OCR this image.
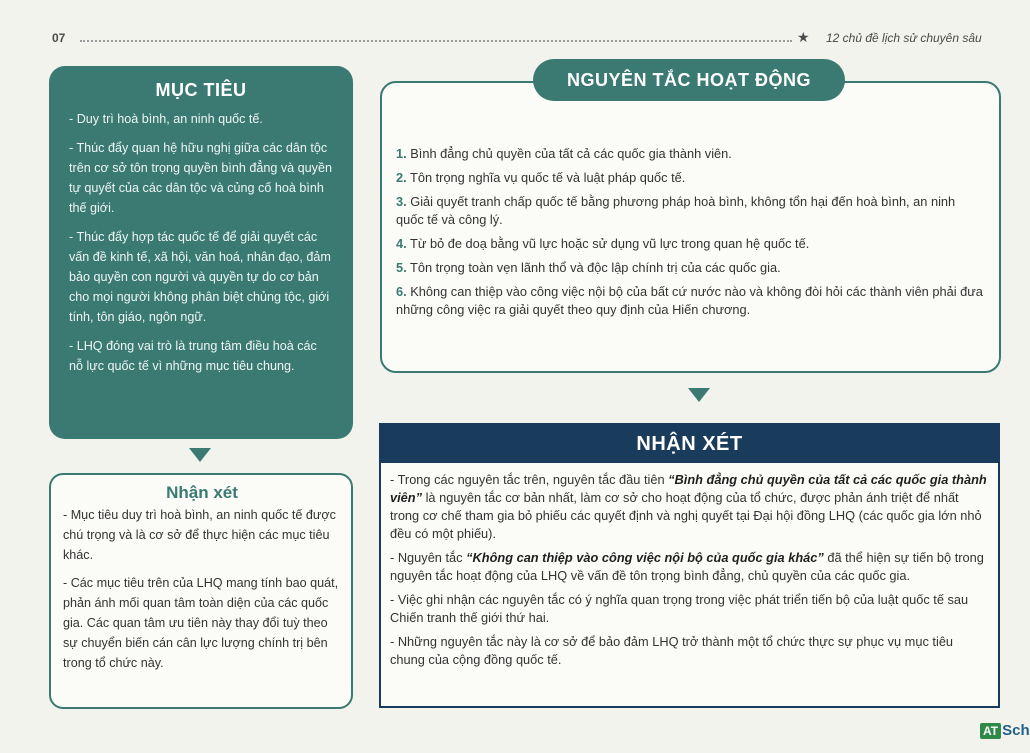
07	★ 12 chủ đề lịch sử chuyên sâu
MỤC TIÊU

- Duy trì hoà bình, an ninh quốc tế.

- Thúc đẩy quan hệ hữu nghị giữa các dân tộc trên cơ sở tôn trọng quyền bình đẳng và quyền tự quyết của các dân tộc và củng cố hoà bình thế giới.

- Thúc đẩy hợp tác quốc tế để giải quyết các vấn đề kinh tế, xã hội, văn hoá, nhân đạo, đảm bảo quyền con người và quyền tự do cơ bản cho mọi người không phân biệt chủng tộc, giới tính, tôn giáo, ngôn ngữ.

- LHQ đóng vai trò là trung tâm điều hoà các nỗ lực quốc tế vì những mục tiêu chung.

Nhận xét

- Mục tiêu duy trì hoà bình, an ninh quốc tế được chú trọng và là cơ sở để thực hiện các mục tiêu khác.

- Các mục tiêu trên của LHQ mang tính bao quát, phản ánh mối quan tâm toàn diện của các quốc gia. Các quan tâm ưu tiên này thay đổi tuỳ theo sự chuyển biến cán cân lực lượng chính trị bên trong tổ chức này.

1. Bình đẳng chủ quyền của tất cả các quốc gia thành viên.

2. Tôn trọng nghĩa vụ quốc tế và luật pháp quốc tế.

3. Giải quyết tranh chấp quốc tế bằng phương pháp hoà bình, không tổn hại đến hoà bình, an ninh quốc tế và công lý.

4. Từ bỏ đe doạ bằng vũ lực hoặc sử dụng vũ lực trong quan hệ quốc tế.

5. Tôn trọng toàn vẹn lãnh thổ và độc lập chính trị của các quốc gia.

6. Không can thiệp vào công việc nội bộ của bất cứ nước nào và không đòi hỏi các thành viên phải đưa những công việc ra giải quyết theo quy định của Hiến chương.

NGUYÊN TẮC HOẠT ĐỘNG
NHẬN XÉT

- Trong các nguyên tắc trên, nguyên tắc đầu tiên “Bình đẳng chủ quyền của tất cả các quốc gia thành viên” là nguyên tắc cơ bản nhất, làm cơ sở cho hoạt động của tổ chức, được phản ánh triệt để nhất trong cơ chế tham gia bỏ phiếu các quyết định và nghị quyết tại Đại hội đồng LHQ (các quốc gia lớn nhỏ đều có một phiếu).

- Nguyên tắc “Không can thiệp vào công việc nội bộ của quốc gia khác” đã thể hiện sự tiến bộ trong nguyên tắc hoạt động của LHQ về vấn đề tôn trọng bình đẳng, chủ quyền của các quốc gia.

- Việc ghi nhận các nguyên tắc có ý nghĩa quan trọng trong việc phát triển tiến bộ của luật quốc tế sau Chiến tranh thế giới thứ hai.

- Những nguyên tắc này là cơ sở để bảo đảm LHQ trở thành một tổ chức thực sự phục vụ mục tiêu chung của cộng đồng quốc tế.

AT Sch
